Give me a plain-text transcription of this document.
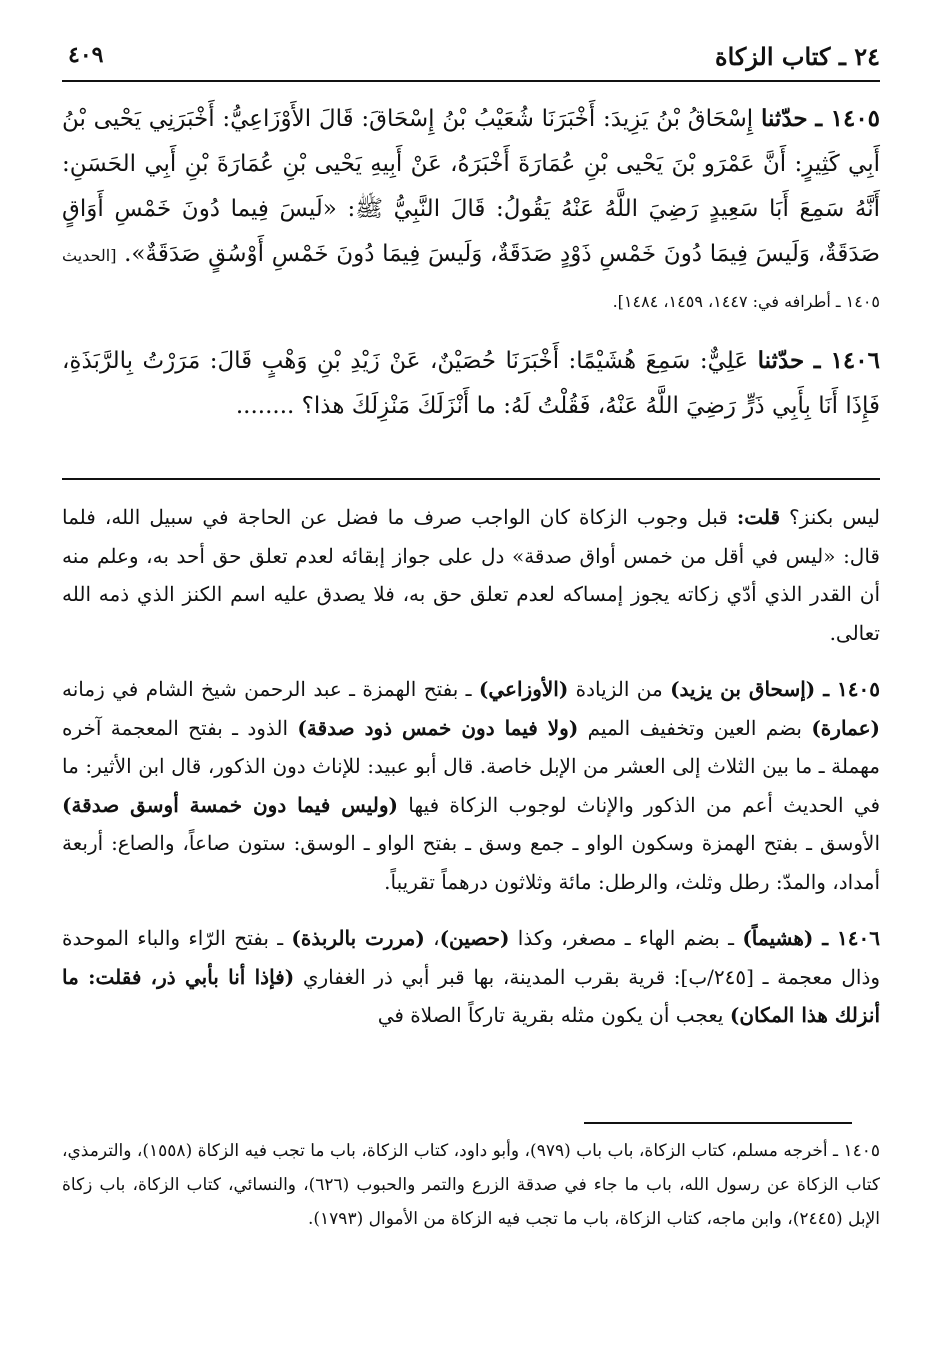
٢٤ ـ كتاب الزكاة
٤٠٩

١٤٠٥ ـ حدّثنا إِسْحَاقُ بْنُ يَزِيدَ: أَخْبَرَنَا شُعَيْبُ بْنُ إِسْحَاقَ: قَالَ الأَوْزَاعِيُّ: أَخْبَرَنِي يَحْيى بْنُ أَبِي كَثِيرٍ: أَنَّ عَمْرَو بْنَ يَحْيى بْنِ عُمَارَةَ أَخْبَرَهُ، عَنْ أَبِيهِ يَحْيى بْنِ عُمَارَةَ بْنِ أَبِي الحَسَنِ: أَنَّهُ سَمِعَ أَبَا سَعِيدٍ رَضِيَ اللَّهُ عَنْهُ يَقُولُ: قَالَ النَّبِيُّ ﷺ: «لَيسَ فِيما دُونَ خَمْسِ أَوَاقٍ صَدَقَةٌ، وَلَيسَ فِيمَا دُونَ خَمْسِ ذَوْدٍ صَدَقَةٌ، وَلَيسَ فِيمَا دُونَ خَمْسِ أَوْسُقٍ صَدَقَةٌ». [الحديث ١٤٠٥ ـ أطرافه في: ١٤٤٧، ١٤٥٩، ١٤٨٤].

١٤٠٦ ـ حدّثنا عَلِيٌّ: سَمِعَ هُشَيْمًا: أَخْبَرَنَا حُصَيْنٌ، عَنْ زَيْدِ بْنِ وَهْبٍ قَالَ: مَرَرْتُ بِالرَّبَذَةِ، فَإِذَا أَنَا بِأَبِي ذَرٍّ رَضِيَ اللَّهُ عَنْهُ، فَقُلْتُ لَهُ: ما أَنْزَلَكَ مَنْزِلَكَ هذا؟ ........

ليس بكنز؟ قلت: قبل وجوب الزكاة كان الواجب صرف ما فضل عن الحاجة في سبيل الله، فلما قال: «ليس في أقل من خمس أواق صدقة» دل على جواز إبقائه لعدم تعلق حق أحد به، وعلم منه أن القدر الذي أدّي زكاته يجوز إمساكه لعدم تعلق حق به، فلا يصدق عليه اسم الكنز الذي ذمه الله تعالى.

١٤٠٥ ـ (إسحاق بن يزيد) من الزيادة (الأوزاعي) ـ بفتح الهمزة ـ عبد الرحمن شيخ الشام في زمانه (عمارة) بضم العين وتخفيف الميم (ولا فيما دون خمس ذود صدقة) الذود ـ بفتح المعجمة آخره مهملة ـ ما بين الثلاث إلى العشر من الإبل خاصة. قال أبو عبيد: للإناث دون الذكور، قال ابن الأثير: ما في الحديث أعم من الذكور والإناث لوجوب الزكاة فيها (وليس فيما دون خمسة أوسق صدقة) الأوسق ـ بفتح الهمزة وسكون الواو ـ جمع وسق ـ بفتح الواو ـ الوسق: ستون صاعاً، والصاع: أربعة أمداد، والمدّ: رطل وثلث، والرطل: مائة وثلاثون درهماً تقريباً.

١٤٠٦ ـ (هشيماً) ـ بضم الهاء ـ مصغر، وكذا (حصين)، (مررت بالربذة) ـ بفتح الرّاء والباء الموحدة وذال معجمة ـ [٢٤٥/ب]: قرية بقرب المدينة، بها قبر أبي ذر الغفاري (فإذا أنا بأبي ذر، فقلت: ما أنزلك هذا المكان) يعجب أن يكون مثله بقرية تاركاً الصلاة في

١٤٠٥ ـ أخرجه مسلم، كتاب الزكاة، باب باب (٩٧٩)، وأبو داود، كتاب الزكاة، باب ما تجب فيه الزكاة (١٥٥٨)، والترمذي، كتاب الزكاة عن رسول الله، باب ما جاء في صدقة الزرع والتمر والحبوب (٦٢٦)، والنسائي، كتاب الزكاة، باب زكاة الإبل (٢٤٤٥)، وابن ماجه، كتاب الزكاة، باب ما تجب فيه الزكاة من الأموال (١٧٩٣).
